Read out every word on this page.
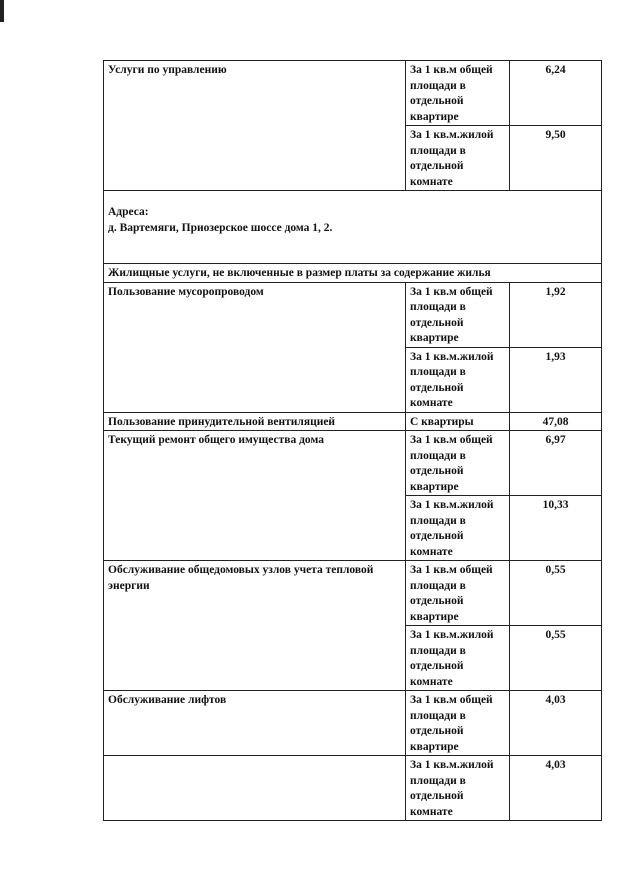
Услуги по управлению	За 1 кв.м общей
площади в
отдельной
квартире	6,24

	За 1 кв.м.жилой
площади в
отдельной
комнате	9,50

Адреса:
д. Вартемяги, Приозерское шоссе дома 1, 2.		

Жилищные услуги, не включенные в размер платы за содержание жилья		
Пользование мусоропроводом	За 1 кв.м общей
площади в
отдельной
квартире	1,92

	За 1 кв.м.жилой
площади в
отдельной
комнате	1,93
Пользование принудительной вентиляцией	С квартиры	47,08
Текущий ремонт общего имущества дома	За 1 кв.м общей
площади в
отдельной
квартире	6,97

	За 1 кв.м.жилой
площади в
отдельной
комнате	10,33
Обслуживание общедомовых узлов учета тепловой энергии	За 1 кв.м общей
площади в
отдельной
квартире	0,55

	За 1 кв.м.жилой
площади в
отдельной
комнате	0,55
Обслуживание лифтов	За 1 кв.м общей
площади в
отдельной
квартире	4,03

	За 1 кв.м.жилой
площади в
отдельной
комнате	4,03
